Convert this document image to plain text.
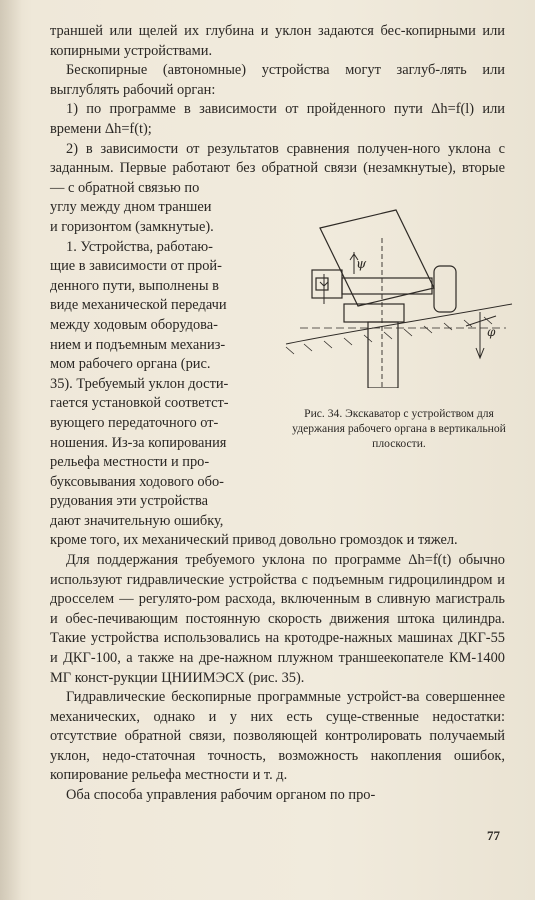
траншей или щелей их глубина и уклон задаются бес-копирными или копирными устройствами.

Бескопирные (автономные) устройства могут заглуб-лять или выглублять рабочий орган:

1) по программе в зависимости от пройденного пути Δh=f(l) или времени Δh=f(t);

2) в зависимости от результатов сравнения получен-ного уклона с заданным. Первые работают без обратной связи (незамкнутые), вторые — с обратной связью по

углу между дном траншеи
и горизонтом (замкнутые).
1. Устройства, работаю-
щие в зависимости от прой-
денного пути, выполнены в
виде механической передачи
между ходовым оборудова-
нием и подъемным механиз-
мом рабочего органа (рис.
35). Требуемый уклон дости-
гается установкой соответст-
вующего передаточного от-
ношения. Из-за копирования
рельефа местности и про-
буксовывания ходового обо-
рудования эти устройства
дают значительную ошибку,

кроме того, их механический привод довольно громоздок и тяжел.

Для поддержания требуемого уклона по программе Δh=f(t) обычно используют гидравлические устройства с подъемным гидроцилиндром и дросселем — регулято-ром расхода, включенным в сливную магистраль и обес-печивающим постоянную скорость движения штока цилиндра. Такие устройства использовались на кротодре-нажных машинах ДКГ-55 и ДКГ-100, а также на дре-нажном плужном траншеекопателе КМ-1400 МГ конст-рукции ЦНИИМЭСХ (рис. 35).

Гидравлические бескопирные программные устройст-ва совершеннее механических, однако и у них есть суще-ственные недостатки: отсутствие обратной связи, позволяющей контролировать получаемый уклон, недо-статочная точность, возможность накопления ошибок, копирование рельефа местности и т. д.

Оба способа управления рабочим органом по про-

ψ
φ
Рис. 34. Экскаватор с устройством для удержания рабочего органа в вертикальной плоскости.
77
